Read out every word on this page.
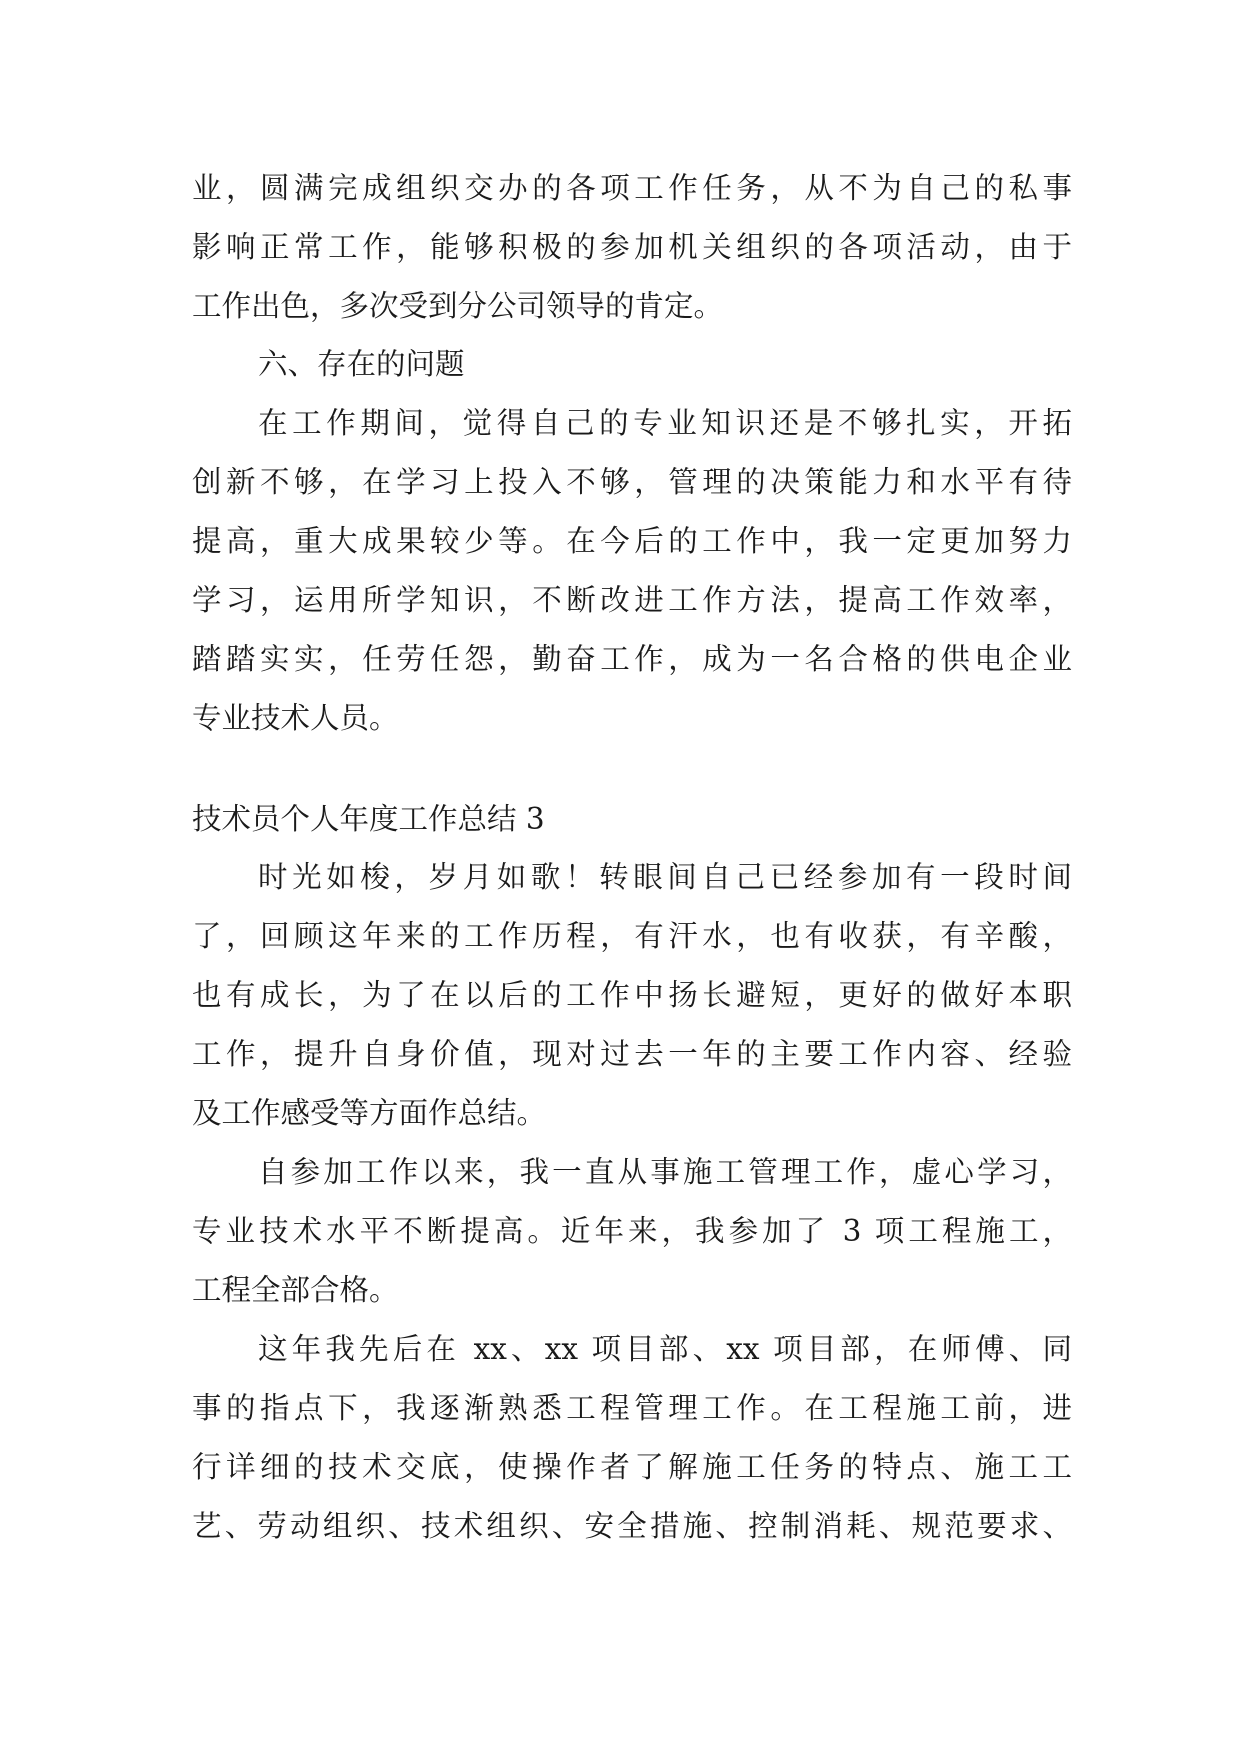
业，圆满完成组织交办的各项工作任务，从不为自己的私事
影响正常工作，能够积极的参加机关组织的各项活动，由于
工作出色，多次受到分公司领导的肯定。
六、存在的问题
在工作期间，觉得自己的专业知识还是不够扎实，开拓
创新不够，在学习上投入不够，管理的决策能力和水平有待
提高，重大成果较少等。在今后的工作中，我一定更加努力
学习，运用所学知识，不断改进工作方法，提高工作效率，
踏踏实实，任劳任怨，勤奋工作，成为一名合格的供电企业
专业技术人员。
技术员个人年度工作总结 3
时光如梭，岁月如歌！转眼间自己已经参加有一段时间
了，回顾这年来的工作历程，有汗水，也有收获，有辛酸，
也有成长，为了在以后的工作中扬长避短，更好的做好本职
工作，提升自身价值，现对过去一年的主要工作内容、经验
及工作感受等方面作总结。
自参加工作以来，我一直从事施工管理工作，虚心学习，
专业技术水平不断提高。近年来，我参加了 3 项工程施工，
工程全部合格。
这年我先后在 xx、xx 项目部、xx 项目部，在师傅、同
事的指点下，我逐渐熟悉工程管理工作。在工程施工前，进
行详细的技术交底，使操作者了解施工任务的特点、施工工
艺、劳动组织、技术组织、安全措施、控制消耗、规范要求、
